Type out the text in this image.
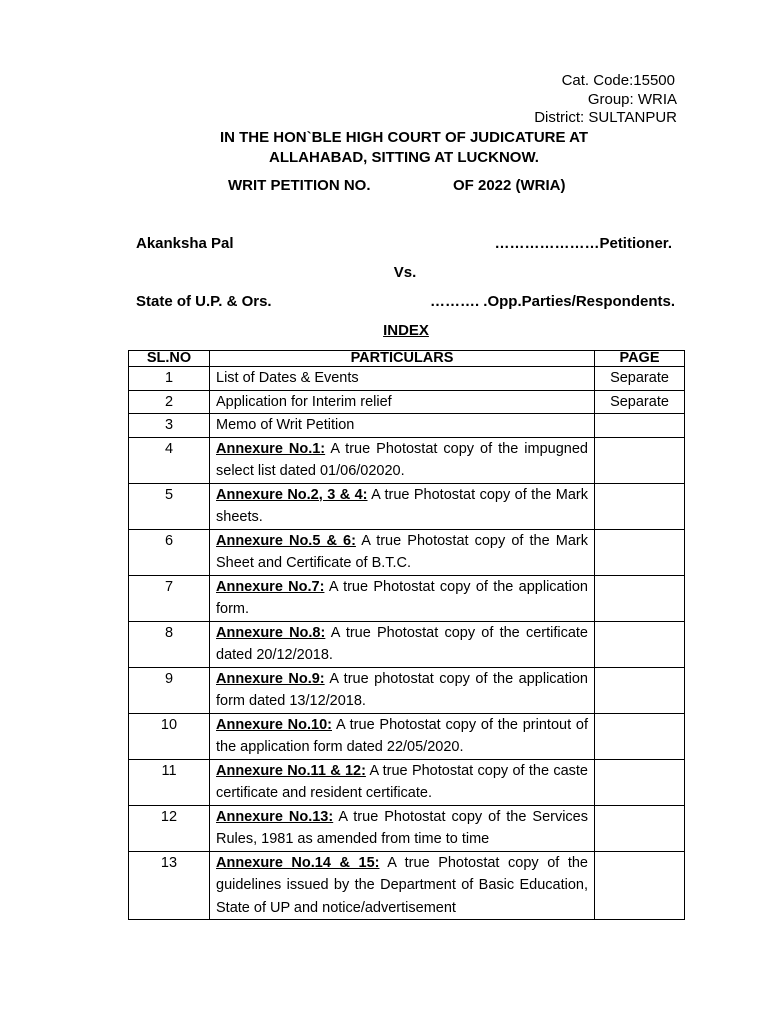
Cat. Code:15500
Group: WRIA
District: SULTANPUR
IN THE HON`BLE HIGH COURT OF JUDICATURE AT
ALLAHABAD, SITTING AT LUCKNOW.
WRIT PETITION NO.	OF 2022 (WRIA)
Akanksha Pal	…………………Petitioner.
Vs.
State of U.P. & Ors.	………. .Opp.Parties/Respondents.
INDEX
SL.NO	PARTICULARS	PAGE
1	List of Dates & Events	Separate
2	Application for Interim relief	Separate
3	Memo of Writ Petition	
4	Annexure No.1: A true Photostat copy of the impugned select list dated 01/06/02020.	
5	Annexure No.2, 3 & 4: A true Photostat copy of the Mark sheets.	
6	Annexure No.5 & 6: A true Photostat copy of the Mark Sheet and Certificate of B.T.C.	
7	Annexure No.7: A true Photostat copy of the application form.	
8	Annexure No.8: A true Photostat copy of the certificate dated 20/12/2018.	
9	Annexure No.9: A true photostat copy of the application form dated 13/12/2018.	
10	Annexure No.10: A true Photostat copy of the printout of the application form dated 22/05/2020.	
11	Annexure No.11 & 12: A true Photostat copy of the caste certificate and resident certificate.	
12	Annexure No.13: A true Photostat copy of the Services Rules, 1981 as amended from time to time	
13	Annexure No.14 & 15: A true Photostat copy of the guidelines issued by the Department of Basic Education, State of UP and notice/advertisement	
